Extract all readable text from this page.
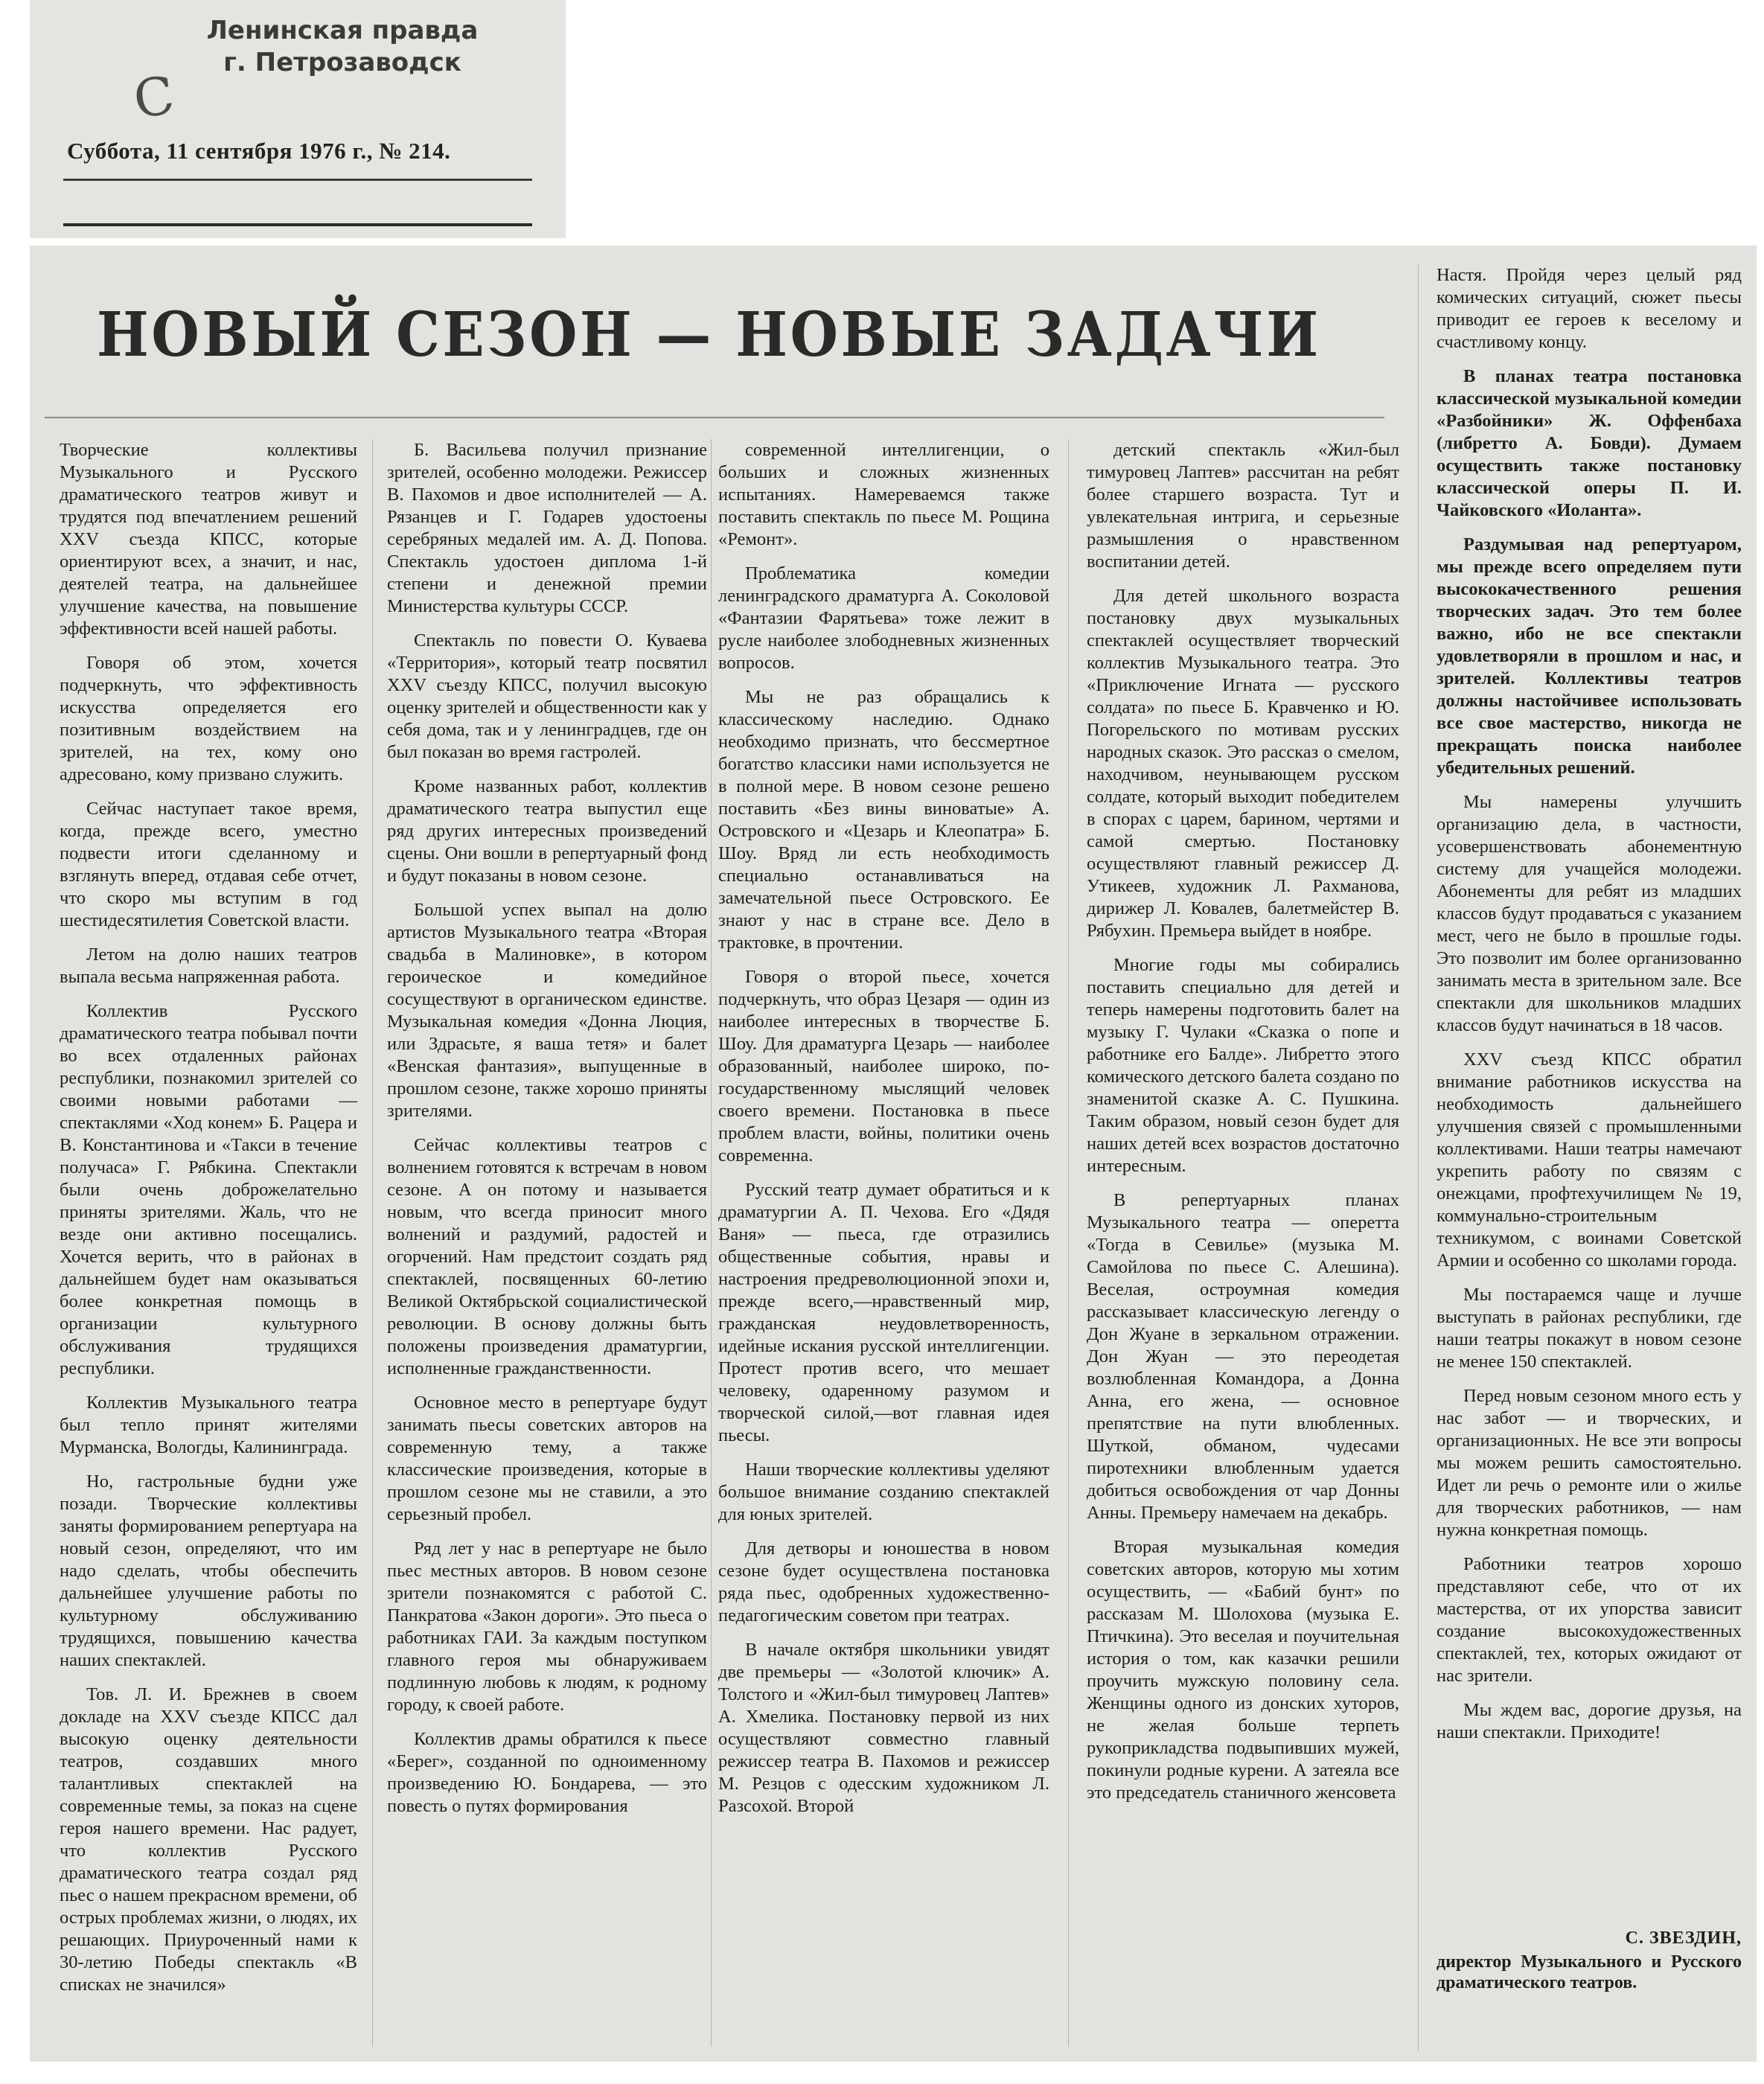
Ленинская правда
г. Петрозаводск
С
Суббота, 11 сентября 1976 г., № 214.
НОВЫЙ СЕЗОН — НОВЫЕ ЗАДАЧИ

Творческие коллективы Музыкального и Русского драматического театров живут и трудятся под впечатлением решений XXV съезда КПСС, которые ориентируют всех, а значит, и нас, деятелей театра, на дальнейшее улучшение качества, на повышение эффективности всей нашей работы.

Говоря об этом, хочется подчеркнуть, что эффективность искусства определяется его позитивным воздействием на зрителей, на тех, кому оно адресовано, кому призвано служить.

Сейчас наступает такое время, когда, прежде всего, уместно подвести итоги сделанному и взглянуть вперед, отдавая себе отчет, что скоро мы вступим в год шестидесятилетия Советской власти.

Летом на долю наших театров выпала весьма напряженная работа.

Коллектив Русского драматического театра побывал почти во всех отдаленных районах республики, познакомил зрителей со своими новыми работами — спектаклями «Ход конем» Б. Рацера и В. Константинова и «Такси в течение получаса» Г. Рябкина. Спектакли были очень доброжелательно приняты зрителями. Жаль, что не везде они активно посещались. Хочется верить, что в районах в дальнейшем будет нам оказываться более конкретная помощь в организации культурного обслуживания трудящихся республики.

Коллектив Музыкального театра был тепло принят жителями Мурманска, Вологды, Калининграда.

Но, гастрольные будни уже позади. Творческие коллективы заняты формированием репертуара на новый сезон, определяют, что им надо сделать, чтобы обеспечить дальнейшее улучшение работы по культурному обслуживанию трудящихся, повышению качества наших спектаклей.

Тов. Л. И. Брежнев в своем докладе на XXV съезде КПСС дал высокую оценку деятельности театров, создавших много талантливых спектаклей на современные темы, за показ на сцене героя нашего времени. Нас радует, что коллектив Русского драматического театра создал ряд пьес о нашем прекрасном времени, об острых проблемах жизни, о людях, их решающих. Приуроченный нами к 30-летию Победы спектакль «В списках не значился»

Б. Васильева получил признание зрителей, особенно молодежи. Режиссер В. Пахомов и двое исполнителей — А. Рязанцев и Г. Годарев удостоены серебряных медалей им. А. Д. Попова. Спектакль удостоен диплома 1-й степени и денежной премии Министерства культуры СССР.

Спектакль по повести О. Куваева «Территория», который театр посвятил XXV съезду КПСС, получил высокую оценку зрителей и общественности как у себя дома, так и у ленинградцев, где он был показан во время гастролей.

Кроме названных работ, коллектив драматического театра выпустил еще ряд других интересных произведений сцены. Они вошли в репертуарный фонд и будут показаны в новом сезоне.

Большой успех выпал на долю артистов Музыкального театра «Вторая свадьба в Малиновке», в котором героическое и комедийное сосуществуют в органическом единстве. Музыкальная комедия «Донна Люция, или Здрасьте, я ваша тетя» и балет «Венская фантазия», выпущенные в прошлом сезоне, также хорошо приняты зрителями.

Сейчас коллективы театров с волнением готовятся к встречам в новом сезоне. А он потому и называется новым, что всегда приносит много волнений и раздумий, радостей и огорчений. Нам предстоит создать ряд спектаклей, посвященных 60-летию Великой Октябрьской социалистической революции. В основу должны быть положены произведения драматургии, исполненные гражданственности.

Основное место в репертуаре будут занимать пьесы советских авторов на современную тему, а также классические произведения, которые в прошлом сезоне мы не ставили, а это серьезный пробел.

Ряд лет у нас в репертуаре не было пьес местных авторов. В новом сезоне зрители познакомятся с работой С. Панкратова «Закон дороги». Это пьеса о работниках ГАИ. За каждым поступком главного героя мы обнаруживаем подлинную любовь к людям, к родному городу, к своей работе.

Коллектив драмы обратился к пьесе «Берег», созданной по одноименному произведению Ю. Бондарева, — это повесть о путях формирования

современной интеллигенции, о больших и сложных жизненных испытаниях. Намереваемся также поставить спектакль по пьесе М. Рощина «Ремонт».

Проблематика комедии ленинградского драматурга А. Соколовой «Фантазии Фарятьева» тоже лежит в русле наиболее злободневных жизненных вопросов.

Мы не раз обращались к классическому наследию. Однако необходимо признать, что бессмертное богатство классики нами используется не в полной мере. В новом сезоне решено поставить «Без вины виноватые» А. Островского и «Цезарь и Клеопатра» Б. Шоу. Вряд ли есть необходимость специально останавливаться на замечательной пьесе Островского. Ее знают у нас в стране все. Дело в трактовке, в прочтении.

Говоря о второй пьесе, хочется подчеркнуть, что образ Цезаря — один из наиболее интересных в творчестве Б. Шоу. Для драматурга Цезарь — наиболее образованный, наиболее широко, по-государственному мыслящий человек своего времени. Постановка в пьесе проблем власти, войны, политики очень современна.

Русский театр думает обратиться и к драматургии А. П. Чехова. Его «Дядя Ваня» — пьеса, где отразились общественные события, нравы и настроения предреволюционной эпохи и, прежде всего,—нравственный мир, гражданская неудовлетворенность, идейные искания русской интеллигенции. Протест против всего, что мешает человеку, одаренному разумом и творческой силой,—вот главная идея пьесы.

Наши творческие коллективы уделяют большое внимание созданию спектаклей для юных зрителей.

Для детворы и юношества в новом сезоне будет осуществлена постановка ряда пьес, одобренных художественно-педагогическим советом при театрах.

В начале октября школьники увидят две премьеры — «Золотой ключик» А. Толстого и «Жил-был тимуровец Лаптев» А. Хмелика. Постановку первой из них осуществляют совместно главный режиссер театра В. Пахомов и режиссер М. Резцов с одесским художником Л. Разсохой. Второй

детский спектакль «Жил-был тимуровец Лаптев» рассчитан на ребят более старшего возраста. Тут и увлекательная интрига, и серьезные размышления о нравственном воспитании детей.

Для детей школьного возраста постановку двух музыкальных спектаклей осуществляет творческий коллектив Музыкального театра. Это «Приключение Игната — русского солдата» по пьесе Б. Кравченко и Ю. Погорельского по мотивам русских народных сказок. Это рассказ о смелом, находчивом, неунывающем русском солдате, который выходит победителем в спорах с царем, барином, чертями и самой смертью. Постановку осуществляют главный режиссер Д. Утикеев, художник Л. Рахманова, дирижер Л. Ковалев, балетмейстер В. Рябухин. Премьера выйдет в ноябре.

Многие годы мы собирались поставить специально для детей и теперь намерены подготовить балет на музыку Г. Чулаки «Сказка о попе и работнике его Балде». Либретто этого комического детского балета создано по знаменитой сказке А. С. Пушкина. Таким образом, новый сезон будет для наших детей всех возрастов достаточно интересным.

В репертуарных планах Музыкального театра — оперетта «Тогда в Севилье» (музыка М. Самойлова по пьесе С. Алешина). Веселая, остроумная комедия рассказывает классическую легенду о Дон Жуане в зеркальном отражении. Дон Жуан — это переодетая возлюбленная Командора, а Донна Анна, его жена, — основное препятствие на пути влюбленных. Шуткой, обманом, чудесами пиротехники влюбленным удается добиться освобождения от чар Донны Анны. Премьеру намечаем на декабрь.

Вторая музыкальная комедия советских авторов, которую мы хотим осуществить, — «Бабий бунт» по рассказам М. Шолохова (музыка Е. Птичкина). Это веселая и поучительная история о том, как казачки решили проучить мужскую половину села. Женщины одного из донских хуторов, не желая больше терпеть рукоприкладства подвыпивших мужей, покинули родные курени. А затеяла все это председатель станичного женсовета

Настя. Пройдя через целый ряд комических ситуаций, сюжет пьесы приводит ее героев к веселому и счастливому концу.

В планах театра постановка классической музыкальной комедии «Разбойники» Ж. Оффенбаха (либретто А. Бовди). Думаем осуществить также постановку классической оперы П. И. Чайковского «Иоланта».

Раздумывая над репертуаром, мы прежде всего определяем пути высококачественного решения творческих задач. Это тем более важно, ибо не все спектакли удовлетворяли в прошлом и нас, и зрителей. Коллективы театров должны настойчивее использовать все свое мастерство, никогда не прекращать поиска наиболее убедительных решений.

Мы намерены улучшить организацию дела, в частности, усовершенствовать абонементную систему для учащейся молодежи. Абонементы для ребят из младших классов будут продаваться с указанием мест, чего не было в прошлые годы. Это позволит им более организованно занимать места в зрительном зале. Все спектакли для школьников младших классов будут начинаться в 18 часов.

XXV съезд КПСС обратил внимание работников искусства на необходимость дальнейшего улучшения связей с промышленными коллективами. Наши театры намечают укрепить работу по связям с онежцами, профтехучилищем № 19, коммунально-строительным техникумом, с воинами Советской Армии и особенно со школами города.

Мы постараемся чаще и лучше выступать в районах республики, где наши театры покажут в новом сезоне не менее 150 спектаклей.

Перед новым сезоном много есть у нас забот — и творческих, и организационных. Не все эти вопросы мы можем решить самостоятельно. Идет ли речь о ремонте или о жилье для творческих работников, — нам нужна конкретная помощь.

Работники театров хорошо представляют себе, что от их мастерства, от их упорства зависит создание высокохудожественных спектаклей, тех, которых ожидают от нас зрители.

Мы ждем вас, дорогие друзья, на наши спектакли. Приходите!

С. ЗВЕЗДИН,
директор Музыкального и Русского драматического театров.
